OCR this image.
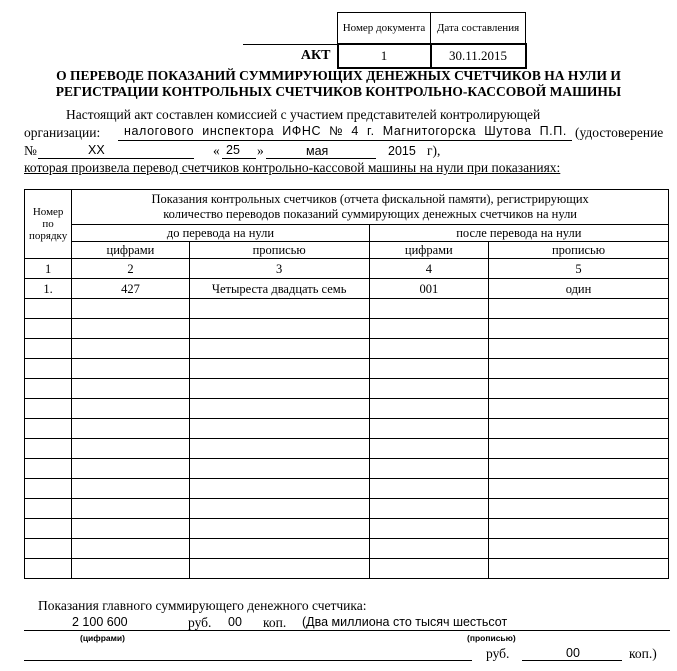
	Номер документа	Дата составления
АКТ	1	30.11.2015
О ПЕРЕВОДЕ ПОКАЗАНИЙ СУММИРУЮЩИХ ДЕНЕЖНЫХ СЧЕТЧИКОВ НА НУЛИ И
РЕГИСТРАЦИИ КОНТРОЛЬНЫХ СЧЕТЧИКОВ КОНТРОЛЬНО-КАССОВОЙ МАШИНЫ
Настоящий акт составлен комиссией с участием представителей контролирующей
организации: налогового инспектора ИФНС № 4 г. Магнитогорска Шутова П.П. (удостоверение
№	ХХ	« 25 »	мая	2015 г),
которая произвела перевод счетчиков контрольно-кассовой машины на нули при показаниях:
Номер по порядку	Показания контрольных счетчиков (отчета фискальной памяти), регистрирующих количество переводов показаний суммирующих денежных счетчиков на нули			
	до перевода на нули		после перевода на нули	
	цифрами	прописью	цифрами	прописью
1	2	3	4	5
1.	427	Четыреста двадцать семь	001	один

Показания главного суммирующего денежного счетчика:
2 100 600	руб. 00 коп. (Два миллиона сто тысяч шестьсот
(цифрами)	(прописью)
руб.	00	коп.)
